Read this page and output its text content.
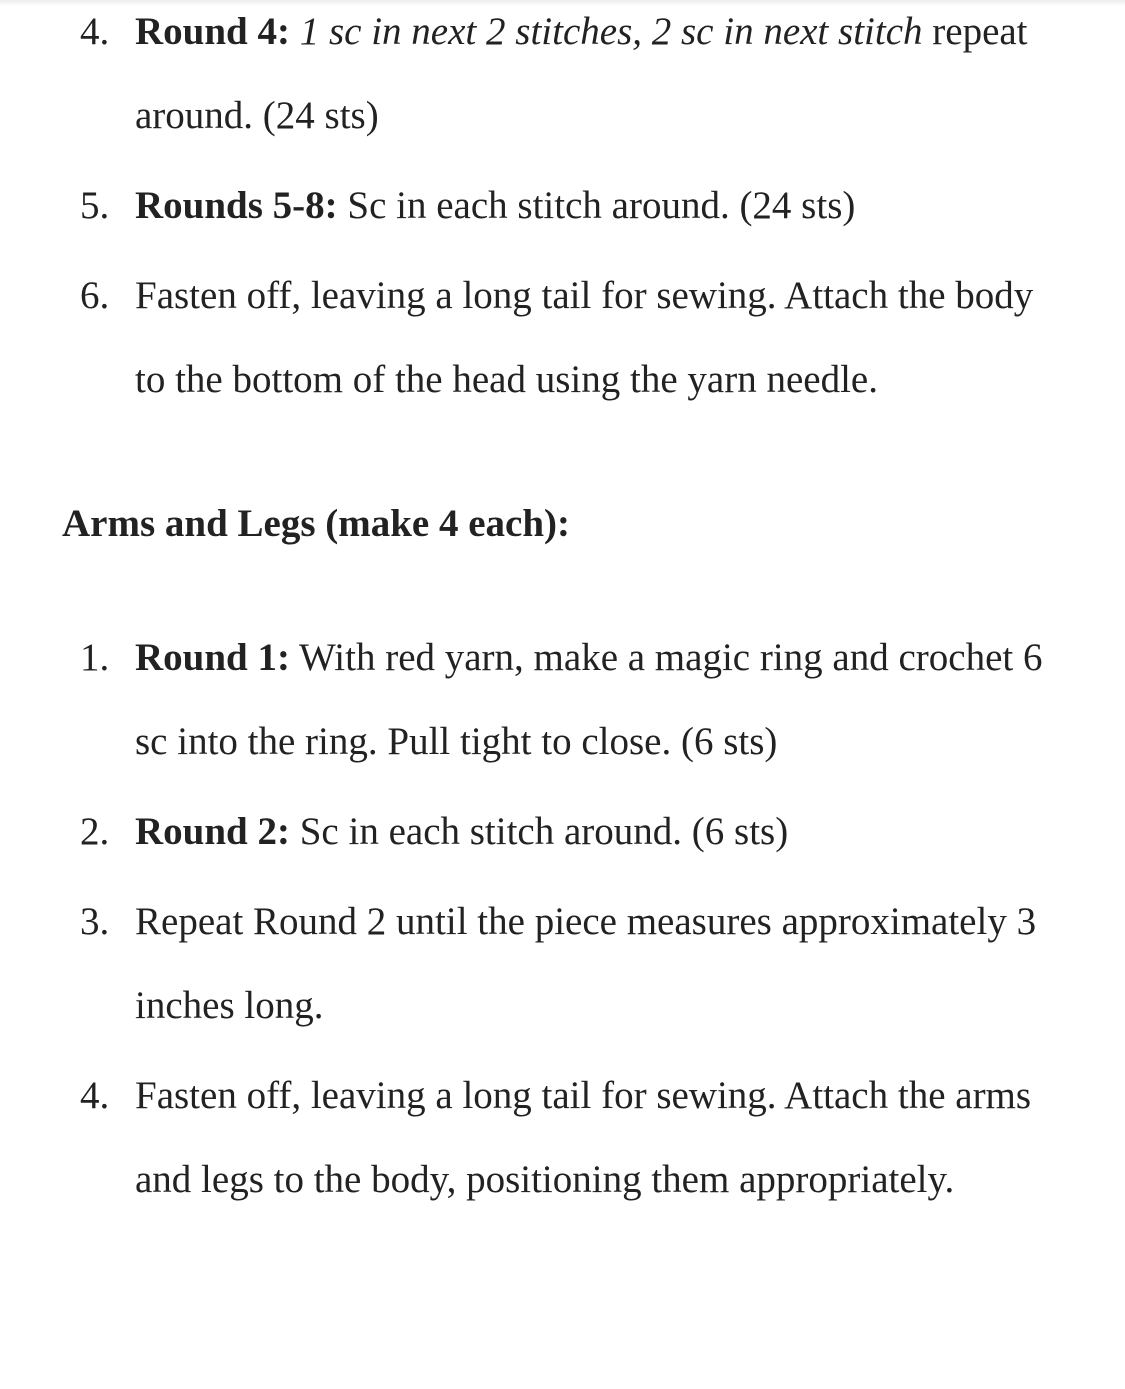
4. Round 4: 1 sc in next 2 stitches, 2 sc in next stitch repeat around. (24 sts)
5. Rounds 5-8: Sc in each stitch around. (24 sts)
6. Fasten off, leaving a long tail for sewing. Attach the body to the bottom of the head using the yarn needle.
Arms and Legs (make 4 each):
1. Round 1: With red yarn, make a magic ring and crochet 6 sc into the ring. Pull tight to close. (6 sts)
2. Round 2: Sc in each stitch around. (6 sts)
3. Repeat Round 2 until the piece measures approximately 3 inches long.
4. Fasten off, leaving a long tail for sewing. Attach the arms and legs to the body, positioning them appropriately.
